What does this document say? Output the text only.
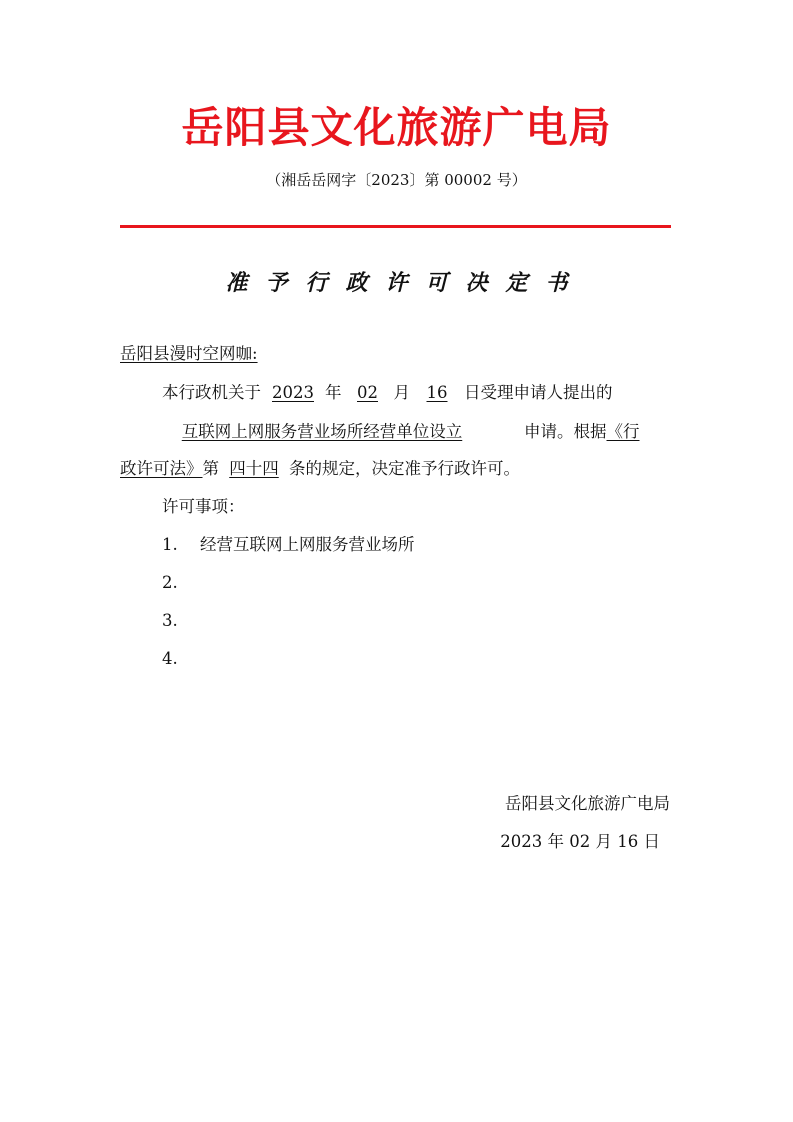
岳阳县文化旅游广电局
（湘岳岳网字〔2023〕第 00002 号）
准予行政许可决定书
岳阳县漫时空网咖:
本行政机关于 2023 年 02 月 16 日受理申请人提出的
互联网上网服务营业场所经营单位设立	申请。根据《行
政许可法》第 四十四 条的规定，决定准予行政许可。
许可事项：
1. 经营互联网上网服务营业场所
2.
3.
4.
岳阳县文化旅游广电局
2023 年 02 月 16 日
